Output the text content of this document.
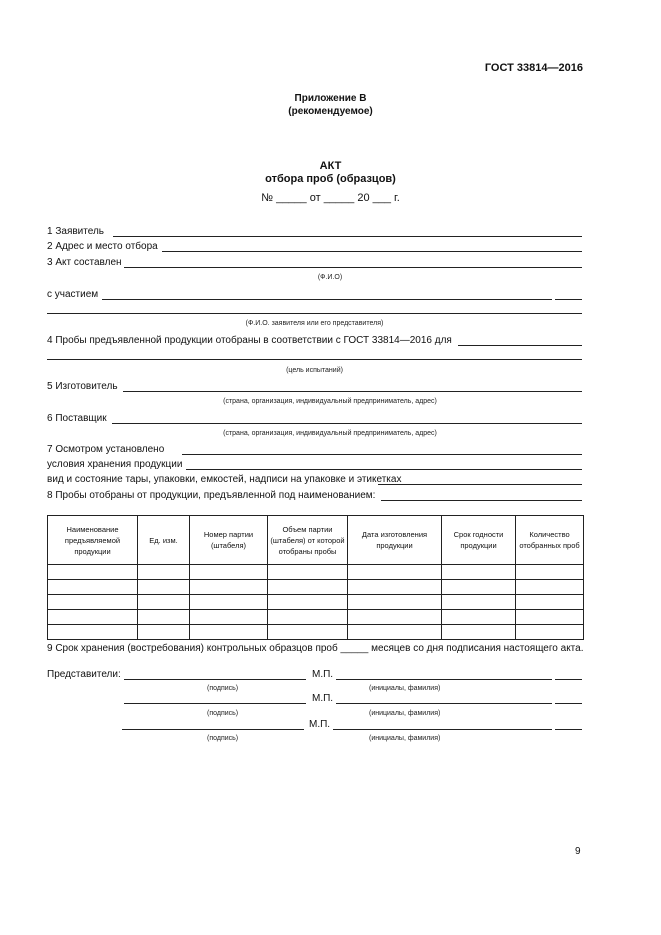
ГОСТ 33814—2016
Приложение В
(рекомендуемое)
АКТ
отбора проб (образцов)
№ _____ от _____ 20 ___ г.
1 Заявитель
2 Адрес и место отбора
3 Акт составлен
(Ф.И.О)
с участием
(Ф.И.О. заявителя или его представителя)
4 Пробы предъявленной продукции отобраны в соответствии с ГОСТ 33814—2016 для
(цель испытаний)
5 Изготовитель
(страна, организация, индивидуальный предприниматель, адрес)
6 Поставщик
(страна, организация, индивидуальный предприниматель, адрес)
7 Осмотром установлено
условия хранения продукции
вид и состояние тары, упаковки, емкостей, надписи на упаковке и этикетках
8 Пробы отобраны от продукции, предъявленной под наименованием:
Наименование предъявляемой продукции	Ед. изм.	Номер партии (штабеля)	Объем партии (штабеля) от которой отобраны пробы	Дата изготовления продукции	Срок годности продукции	Количество отобранных проб

9 Срок хранения (востребования) контрольных образцов проб _____ месяцев со дня подписания настоящего акта.
Представители:	М.П.
(подпись)	(инициалы, фамилия)
М.П.
(подпись)	(инициалы, фамилия)
М.П.
(подпись)	(инициалы, фамилия)
9
